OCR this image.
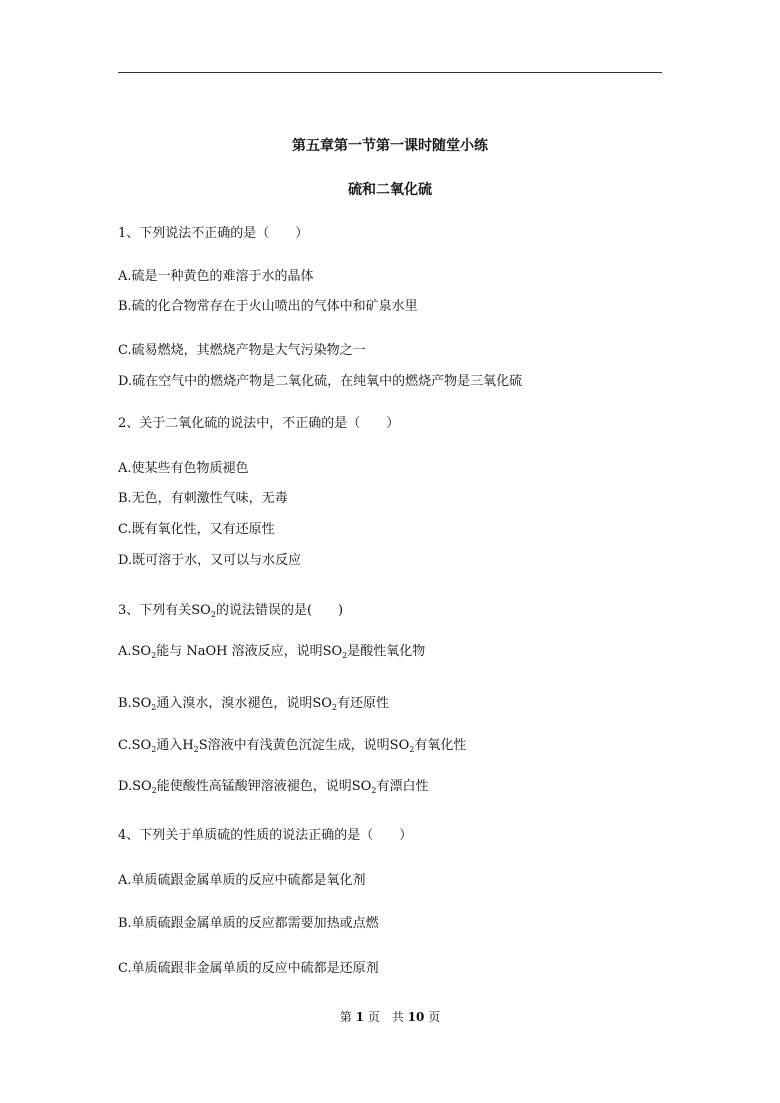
第五章第一节第一课时随堂小练
硫和二氧化硫
1、下列说法不正确的是（　　）
A.硫是一种黄色的难溶于水的晶体
B.硫的化合物常存在于火山喷出的气体中和矿泉水里
C.硫易燃烧，其燃烧产物是大气污染物之一
D.硫在空气中的燃烧产物是二氧化硫，在纯氧中的燃烧产物是三氧化硫
2、关于二氧化硫的说法中，不正确的是（　　）
A.使某些有色物质褪色
B.无色，有刺激性气味，无毒
C.既有氧化性，又有还原性
D.既可溶于水，又可以与水反应
3、下列有关$SO_2$的说法错误的是(　　)
$A.SO_2$能与 NaOH 溶液反应，说明$SO_2$是酸性氧化物
$B.SO_2$通入溴水，溴水褪色，说明$SO_2$有还原性
$C.SO_2$通入$H_2S$溶液中有浅黄色沉淀生成，说明$SO_2$有氧化性
$D.SO_2$能使酸性高锰酸钾溶液褪色，说明$SO_2$有漂白性
4、下列关于单质硫的性质的说法正确的是（　　）
A.单质硫跟金属单质的反应中硫都是氧化剂
B.单质硫跟金属单质的反应都需要加热或点燃
C.单质硫跟非金属单质的反应中硫都是还原剂
第 1 页　共 10 页
